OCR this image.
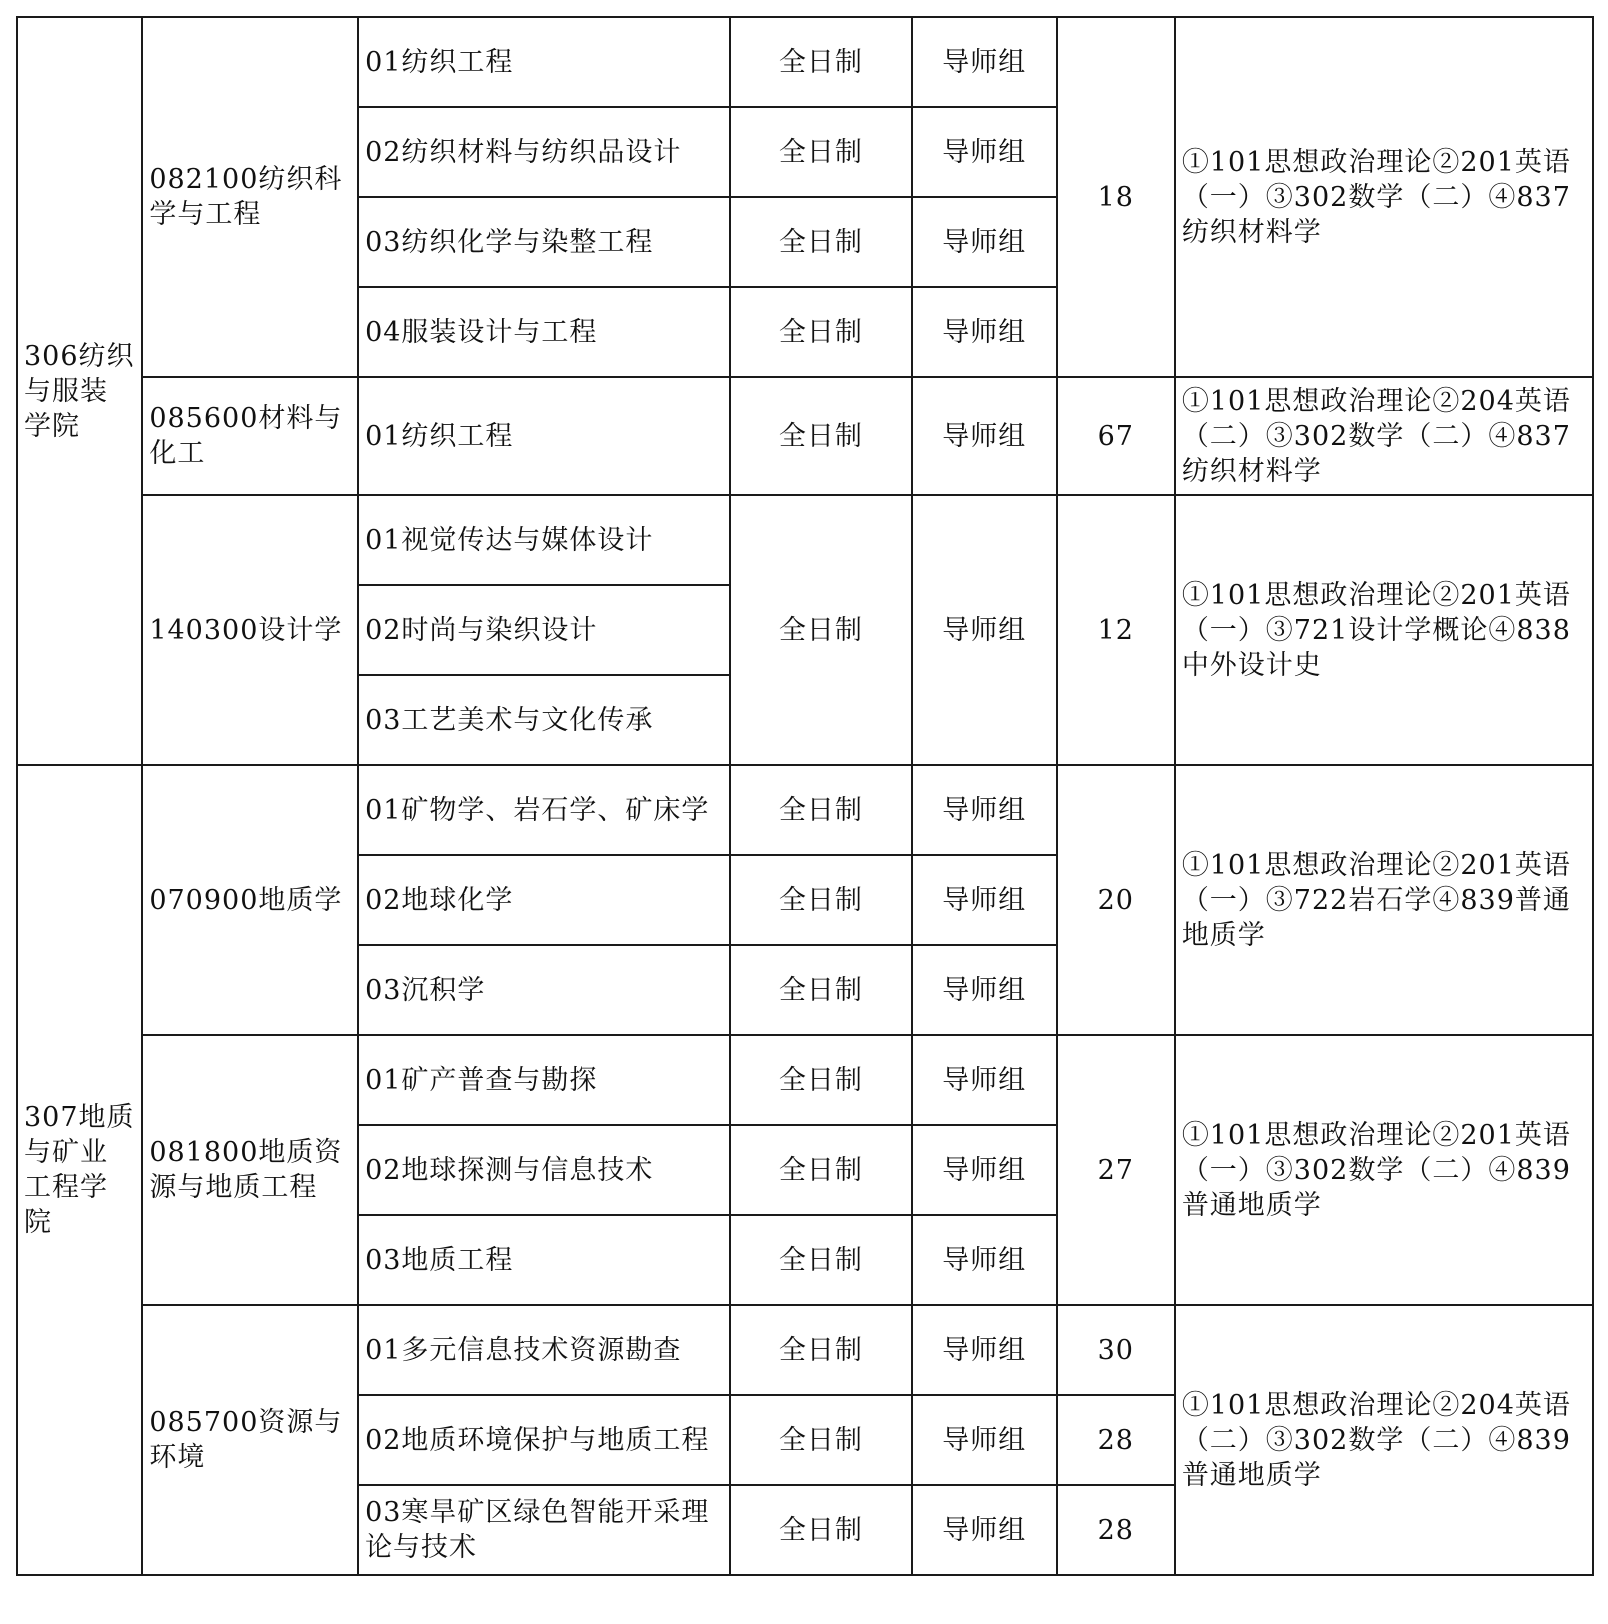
306纺织与服装学院	082100纺织科学与工程	01纺织工程	全日制	导师组	18	①101思想政治理论②201英语（一）③302数学（二）④837纺织材料学
		02纺织材料与纺织品设计	全日制	导师组		
		03纺织化学与染整工程	全日制	导师组		
		04服装设计与工程	全日制	导师组		
	085600材料与化工	01纺织工程	全日制	导师组	67	①101思想政治理论②204英语（二）③302数学（二）④837纺织材料学
	140300设计学	01视觉传达与媒体设计	全日制	导师组	12	①101思想政治理论②201英语（一）③721设计学概论④838中外设计史
		02时尚与染织设计				
		03工艺美术与文化传承				
307地质与矿业工程学院	070900地质学	01矿物学、岩石学、矿床学	全日制	导师组	20	①101思想政治理论②201英语（一）③722岩石学④839普通地质学
		02地球化学	全日制	导师组		
		03沉积学	全日制	导师组		
	081800地质资源与地质工程	01矿产普查与勘探	全日制	导师组	27	①101思想政治理论②201英语（一）③302数学（二）④839普通地质学
		02地球探测与信息技术	全日制	导师组		
		03地质工程	全日制	导师组		
	085700资源与环境	01多元信息技术资源勘查	全日制	导师组	30	①101思想政治理论②204英语（二）③302数学（二）④839普通地质学
		02地质环境保护与地质工程	全日制	导师组	28	
		03寒旱矿区绿色智能开采理论与技术	全日制	导师组	28	
